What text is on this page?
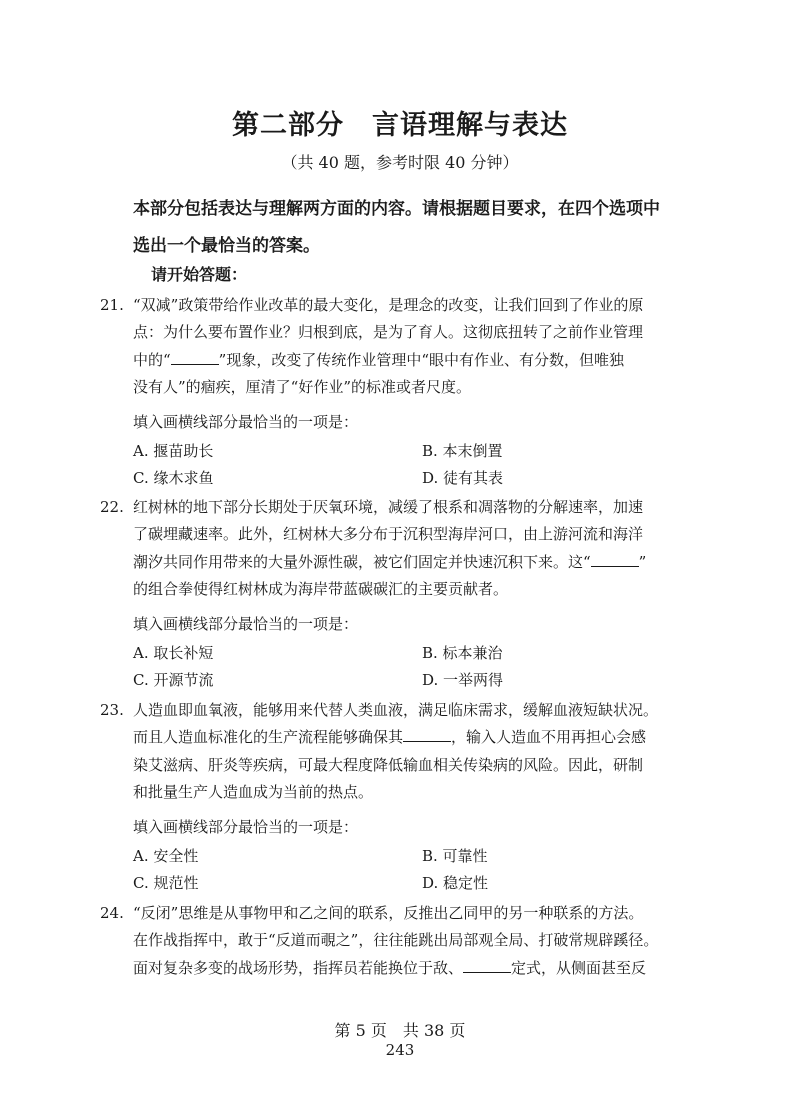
第二部分 言语理解与表达
（共 40 题，参考时限 40 分钟）
本部分包括表达与理解两方面的内容。请根据题目要求，在四个选项中
选出一个最恰当的答案。
请开始答题：
21. “双减”政策带给作业改革的最大变化，是理念的改变，让我们回到了作业的原
点：为什么要布置作业？归根到底，是为了育人。这彻底扭转了之前作业管理
中的“	”现象，改变了传统作业管理中“眼中有作业、有分数，但唯独
没有人”的痼疾，厘清了“好作业”的标准或者尺度。
填入画横线部分最恰当的一项是：
A. 揠苗助长	B. 本末倒置
C. 缘木求鱼	D. 徒有其表
22. 红树林的地下部分长期处于厌氧环境，减缓了根系和凋落物的分解速率，加速
了碳埋藏速率。此外，红树林大多分布于沉积型海岸河口，由上游河流和海洋
潮汐共同作用带来的大量外源性碳，被它们固定并快速沉积下来。这“	”
的组合拳使得红树林成为海岸带蓝碳碳汇的主要贡献者。
填入画横线部分最恰当的一项是：
A. 取长补短	B. 标本兼治
C. 开源节流	D. 一举两得
23. 人造血即血氧液，能够用来代替人类血液，满足临床需求，缓解血液短缺状况。
而且人造血标准化的生产流程能够确保其	，输入人造血不用再担心会感
染艾滋病、肝炎等疾病，可最大程度降低输血相关传染病的风险。因此，研制
和批量生产人造血成为当前的热点。
填入画横线部分最恰当的一项是：
A. 安全性	B. 可靠性
C. 规范性	D. 稳定性
24. “反闭”思维是从事物甲和乙之间的联系，反推出乙同甲的另一种联系的方法。
在作战指挥中，敢于“反道而覗之”，往往能跳出局部观全局、打破常规辟蹊径。
面对复杂多变的战场形势，指挥员若能换位于敌、	定式，从侧面甚至反
第 5 页　共 38 页
243
